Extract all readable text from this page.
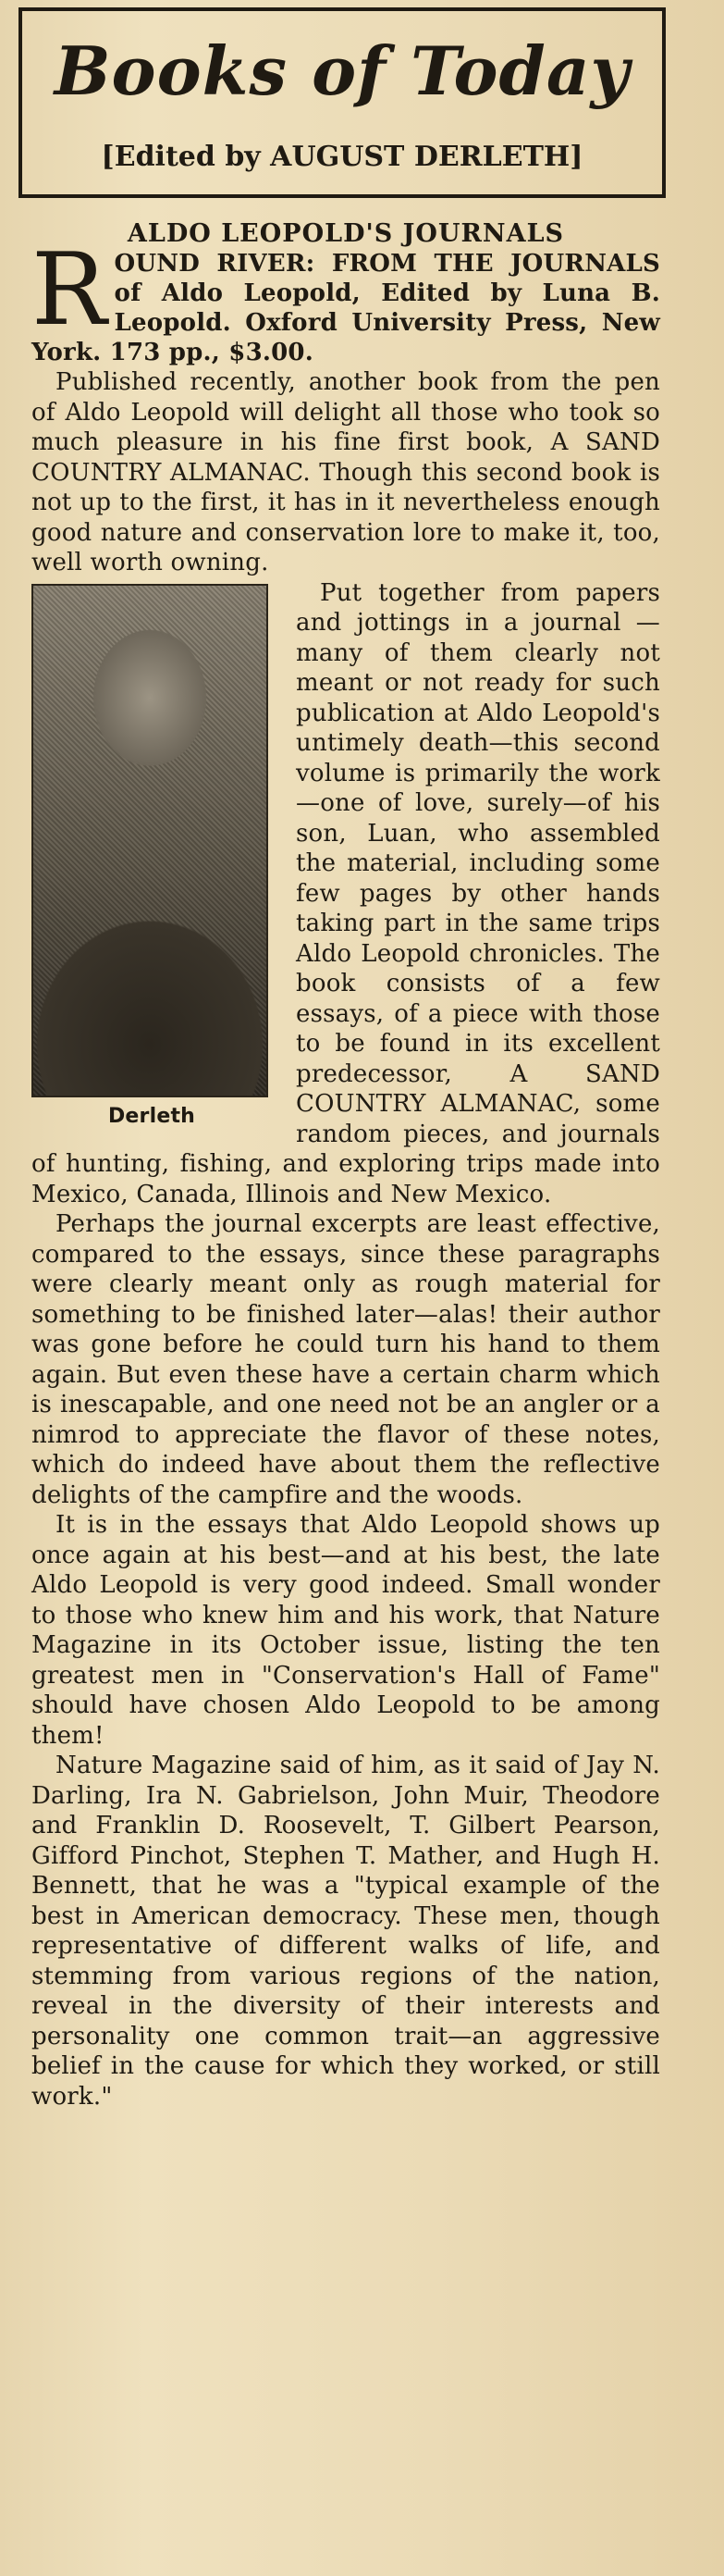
Books of Today
[Edited by AUGUST DERLETH]
ALDO LEOPOLD'S JOURNALS
ROUND RIVER: FROM THE JOURNALS of Aldo Leopold, Edited by Luna B. Leopold. Oxford University Press, New York. 173 pp., $3.00.

Published recently, another book from the pen of Aldo Leopold will delight all those who took so much pleasure in his fine first book, A SAND COUNTRY ALMANAC. Though this second book is not up to the first, it has in it nevertheless enough good nature and conservation lore to make it, too, well worth owning.

Derleth

Put together from papers and jottings in a journal — many of them clearly not meant or not ready for such publication at Aldo Leopold's untimely death—this second volume is primarily the work—one of love, surely—of his son, Luan, who assembled the material, including some few pages by other hands taking part in the same trips Aldo Leopold chronicles. The book consists of a few essays, of a piece with those to be found in its excellent predecessor, A SAND COUNTRY ALMANAC, some random pieces, and journals of hunting, fishing, and exploring trips made into Mexico, Canada, Illinois and New Mexico.

Perhaps the journal excerpts are least effective, compared to the essays, since these paragraphs were clearly meant only as rough material for something to be finished later—alas! their author was gone before he could turn his hand to them again. But even these have a certain charm which is inescapable, and one need not be an angler or a nimrod to appreciate the flavor of these notes, which do indeed have about them the reflective delights of the campfire and the woods.

It is in the essays that Aldo Leopold shows up once again at his best—and at his best, the late Aldo Leopold is very good indeed. Small wonder to those who knew him and his work, that Nature Magazine in its October issue, listing the ten greatest men in "Conservation's Hall of Fame" should have chosen Aldo Leopold to be among them!

Nature Magazine said of him, as it said of Jay N. Darling, Ira N. Gabrielson, John Muir, Theodore and Franklin D. Roosevelt, T. Gilbert Pearson, Gifford Pinchot, Stephen T. Mather, and Hugh H. Bennett, that he was a "typical example of the best in American democracy. These men, though representative of different walks of life, and stemming from various regions of the nation, reveal in the diversity of their interests and personality one common trait—an aggressive belief in the cause for which they worked, or still work."
